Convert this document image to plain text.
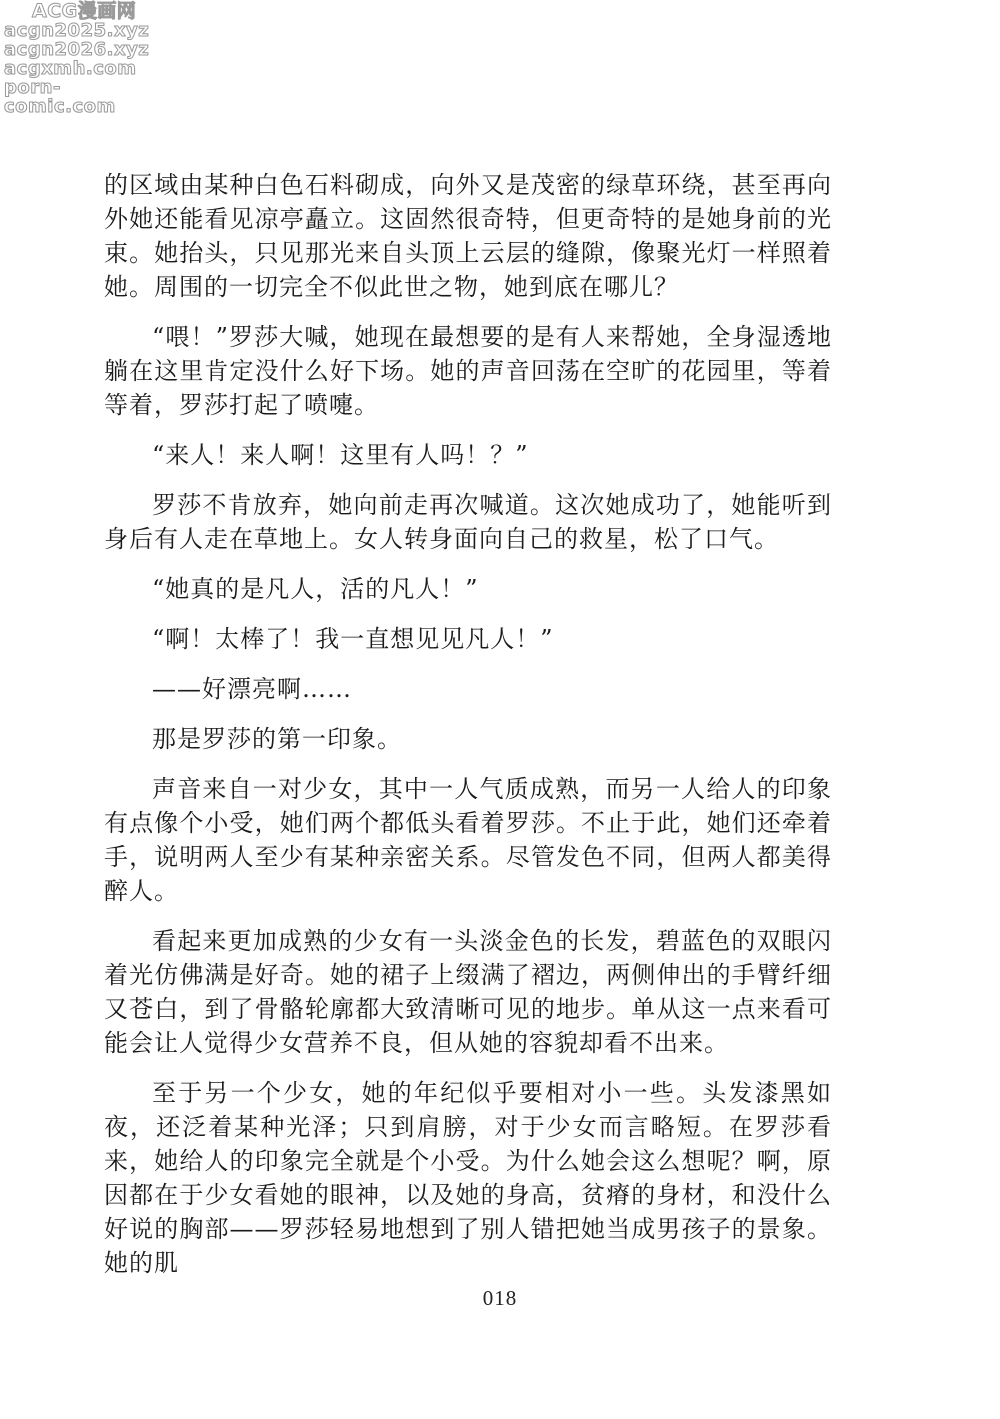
ACG漫画网
acgn2025.xyz
acgn2026.xyz
acgxmh.com
porn-comic.com

的区域由某种白色石料砌成，向外又是茂密的绿草环绕，甚至再向外她还能看见凉亭矗立。这固然很奇特，但更奇特的是她身前的光束。她抬头，只见那光来自头顶上云层的缝隙，像聚光灯一样照着她。周围的一切完全不似此世之物，她到底在哪儿？

“喂！”罗莎大喊，她现在最想要的是有人来帮她，全身湿透地躺在这里肯定没什么好下场。她的声音回荡在空旷的花园里，等着等着，罗莎打起了喷嚏。

“来人！来人啊！这里有人吗！？”

罗莎不肯放弃，她向前走再次喊道。这次她成功了，她能听到身后有人走在草地上。女人转身面向自己的救星，松了口气。

“她真的是凡人，活的凡人！”

“啊！太棒了！我一直想见见凡人！”

——好漂亮啊……

那是罗莎的第一印象。

声音来自一对少女，其中一人气质成熟，而另一人给人的印象有点像个小受，她们两个都低头看着罗莎。不止于此，她们还牵着手，说明两人至少有某种亲密关系。尽管发色不同，但两人都美得醉人。

看起来更加成熟的少女有一头淡金色的长发，碧蓝色的双眼闪着光仿佛满是好奇。她的裙子上缀满了褶边，两侧伸出的手臂纤细又苍白，到了骨骼轮廓都大致清晰可见的地步。单从这一点来看可能会让人觉得少女营养不良，但从她的容貌却看不出来。

至于另一个少女，她的年纪似乎要相对小一些。头发漆黑如夜，还泛着某种光泽；只到肩膀，对于少女而言略短。在罗莎看来，她给人的印象完全就是个小受。为什么她会这么想呢？啊，原因都在于少女看她的眼神，以及她的身高，贫瘠的身材，和没什么好说的胸部——罗莎轻易地想到了别人错把她当成男孩子的景象。她的肌

018
